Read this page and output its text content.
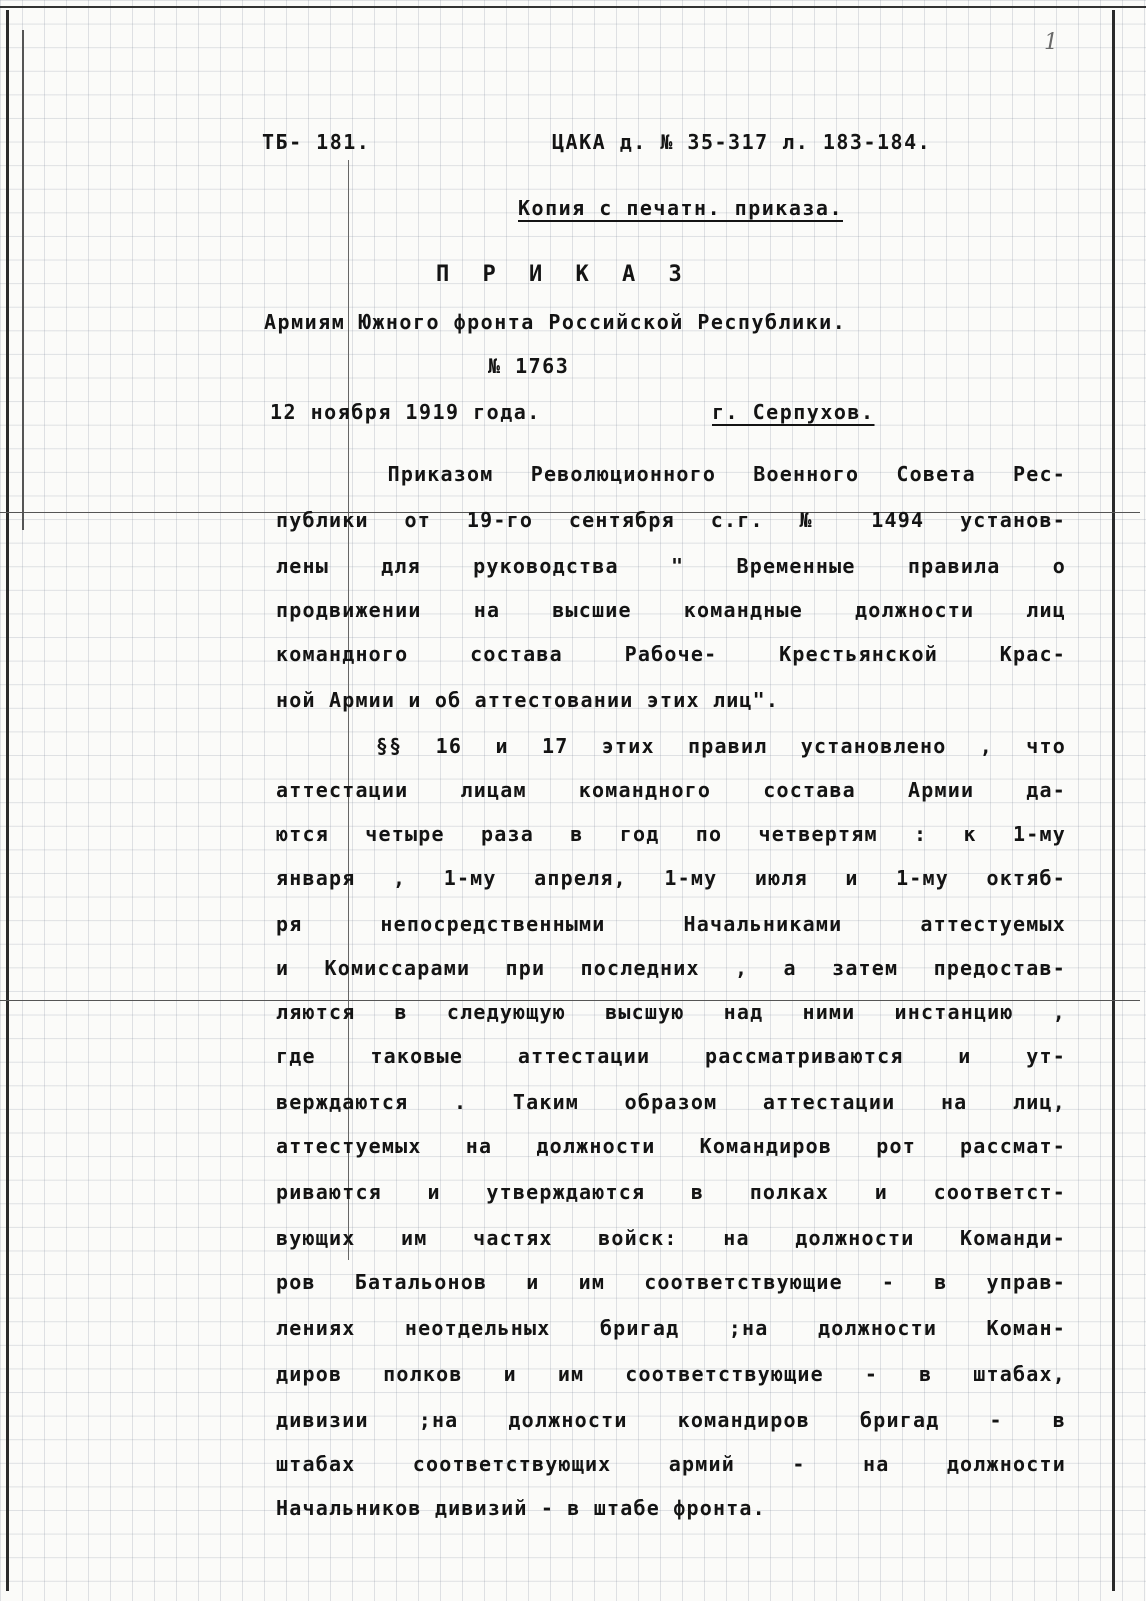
1
ТБ- 181.	ЦАКА д. № 35-317 л. 183-184.
Копия с печатн. приказа.
П Р И К А З
Армиям Южного фронта Российской Республики.
№ 1763
12 ноября 1919 года.	г. Серпухов.
Приказом Революционного Военного Совета Рес-
публики от 19-го сентября с.г. № 1494 установ-
лены для руководства " Временные правила о
продвижении на высшие командные должности лиц
командного состава Рабоче- Крестьянской Крас-
ной Армии и об аттестовании этих лиц".
§§ 16 и 17 этих правил установлено , что
аттестации лицам командного состава Армии да-
ются четыре раза в год по четвертям : к 1-му
января , 1-му апреля, 1-му июля и 1-му октяб-
ря непосредственными Начальниками аттестуемых
и Комиссарами при последних , а затем предостав-
ляются в следующую высшую над ними инстанцию ,
где таковые аттестации рассматриваются и ут-
верждаются . Таким образом аттестации на лиц,
аттестуемых на должности Командиров рот рассмат-
риваются и утверждаются в полках и соответст-
вующих им частях войск: на должности Команди-
ров Батальонов и им соответствующие - в управ-
лениях неотдельных бригад ;на должности Коман-
диров полков и им соответствующие - в штабах,
дивизии ;на должности командиров бригад - в
штабах соответствующих армий - на должности
Начальников дивизий - в штабе фронта.
